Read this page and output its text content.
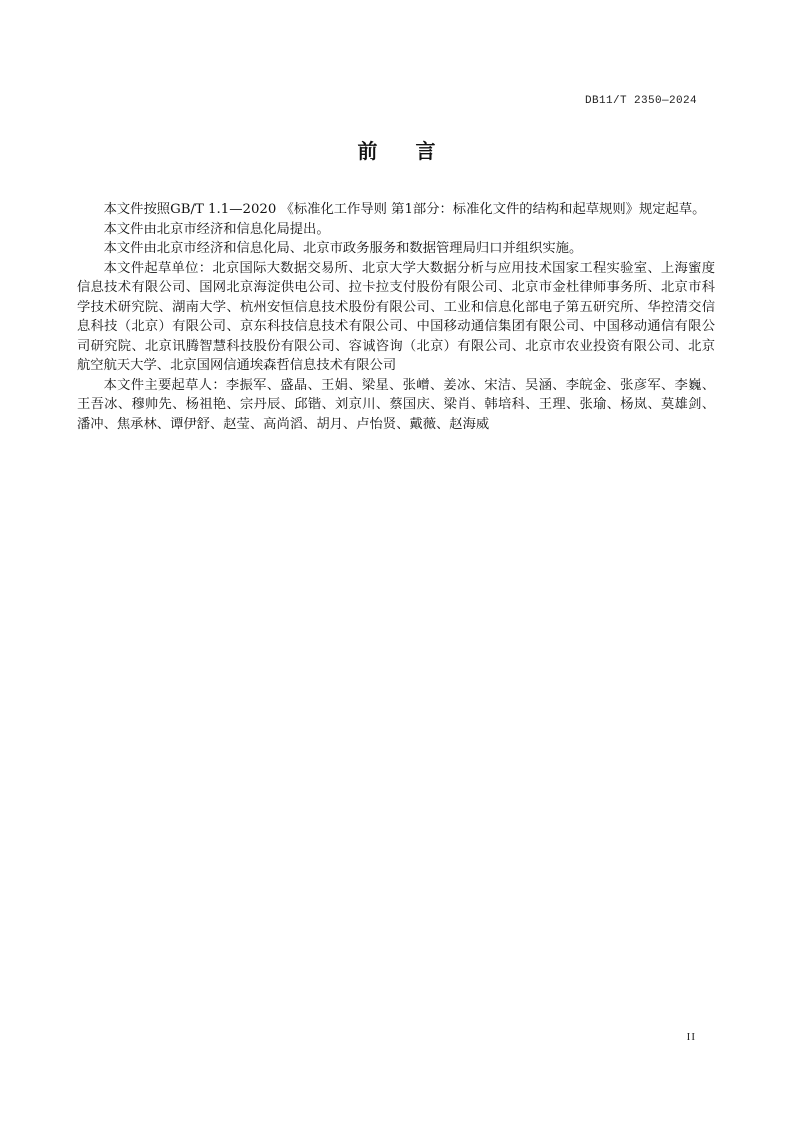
DB11/T 2350—2024
前言

本文件按照GB/T 1.1—2020 《标准化工作导则 第1部分：标准化文件的结构和起草规则》规定起草。

本文件由北京市经济和信息化局提出。

本文件由北京市经济和信息化局、北京市政务服务和数据管理局归口并组织实施。

本文件起草单位：北京国际大数据交易所、北京大学大数据分析与应用技术国家工程实验室、上海蜜度信息技术有限公司、国网北京海淀供电公司、拉卡拉支付股份有限公司、北京市金杜律师事务所、北京市科学技术研究院、湖南大学、杭州安恒信息技术股份有限公司、工业和信息化部电子第五研究所、华控清交信息科技（北京）有限公司、京东科技信息技术有限公司、中国移动通信集团有限公司、中国移动通信有限公司研究院、北京讯腾智慧科技股份有限公司、容诚咨询（北京）有限公司、北京市农业投资有限公司、北京航空航天大学、北京国网信通埃森哲信息技术有限公司

本文件主要起草人：李振军、盛晶、王娟、梁星、张嶒、姜冰、宋洁、吴涵、李皖金、张彦军、李巍、王吾冰、穆帅先、杨祖艳、宗丹辰、邱锴、刘京川、蔡国庆、梁肖、韩培科、王理、张瑜、杨岚、莫雄剑、潘冲、焦承林、谭伊舒、赵莹、高尚滔、胡月、卢怡贤、戴薇、赵海威

II
